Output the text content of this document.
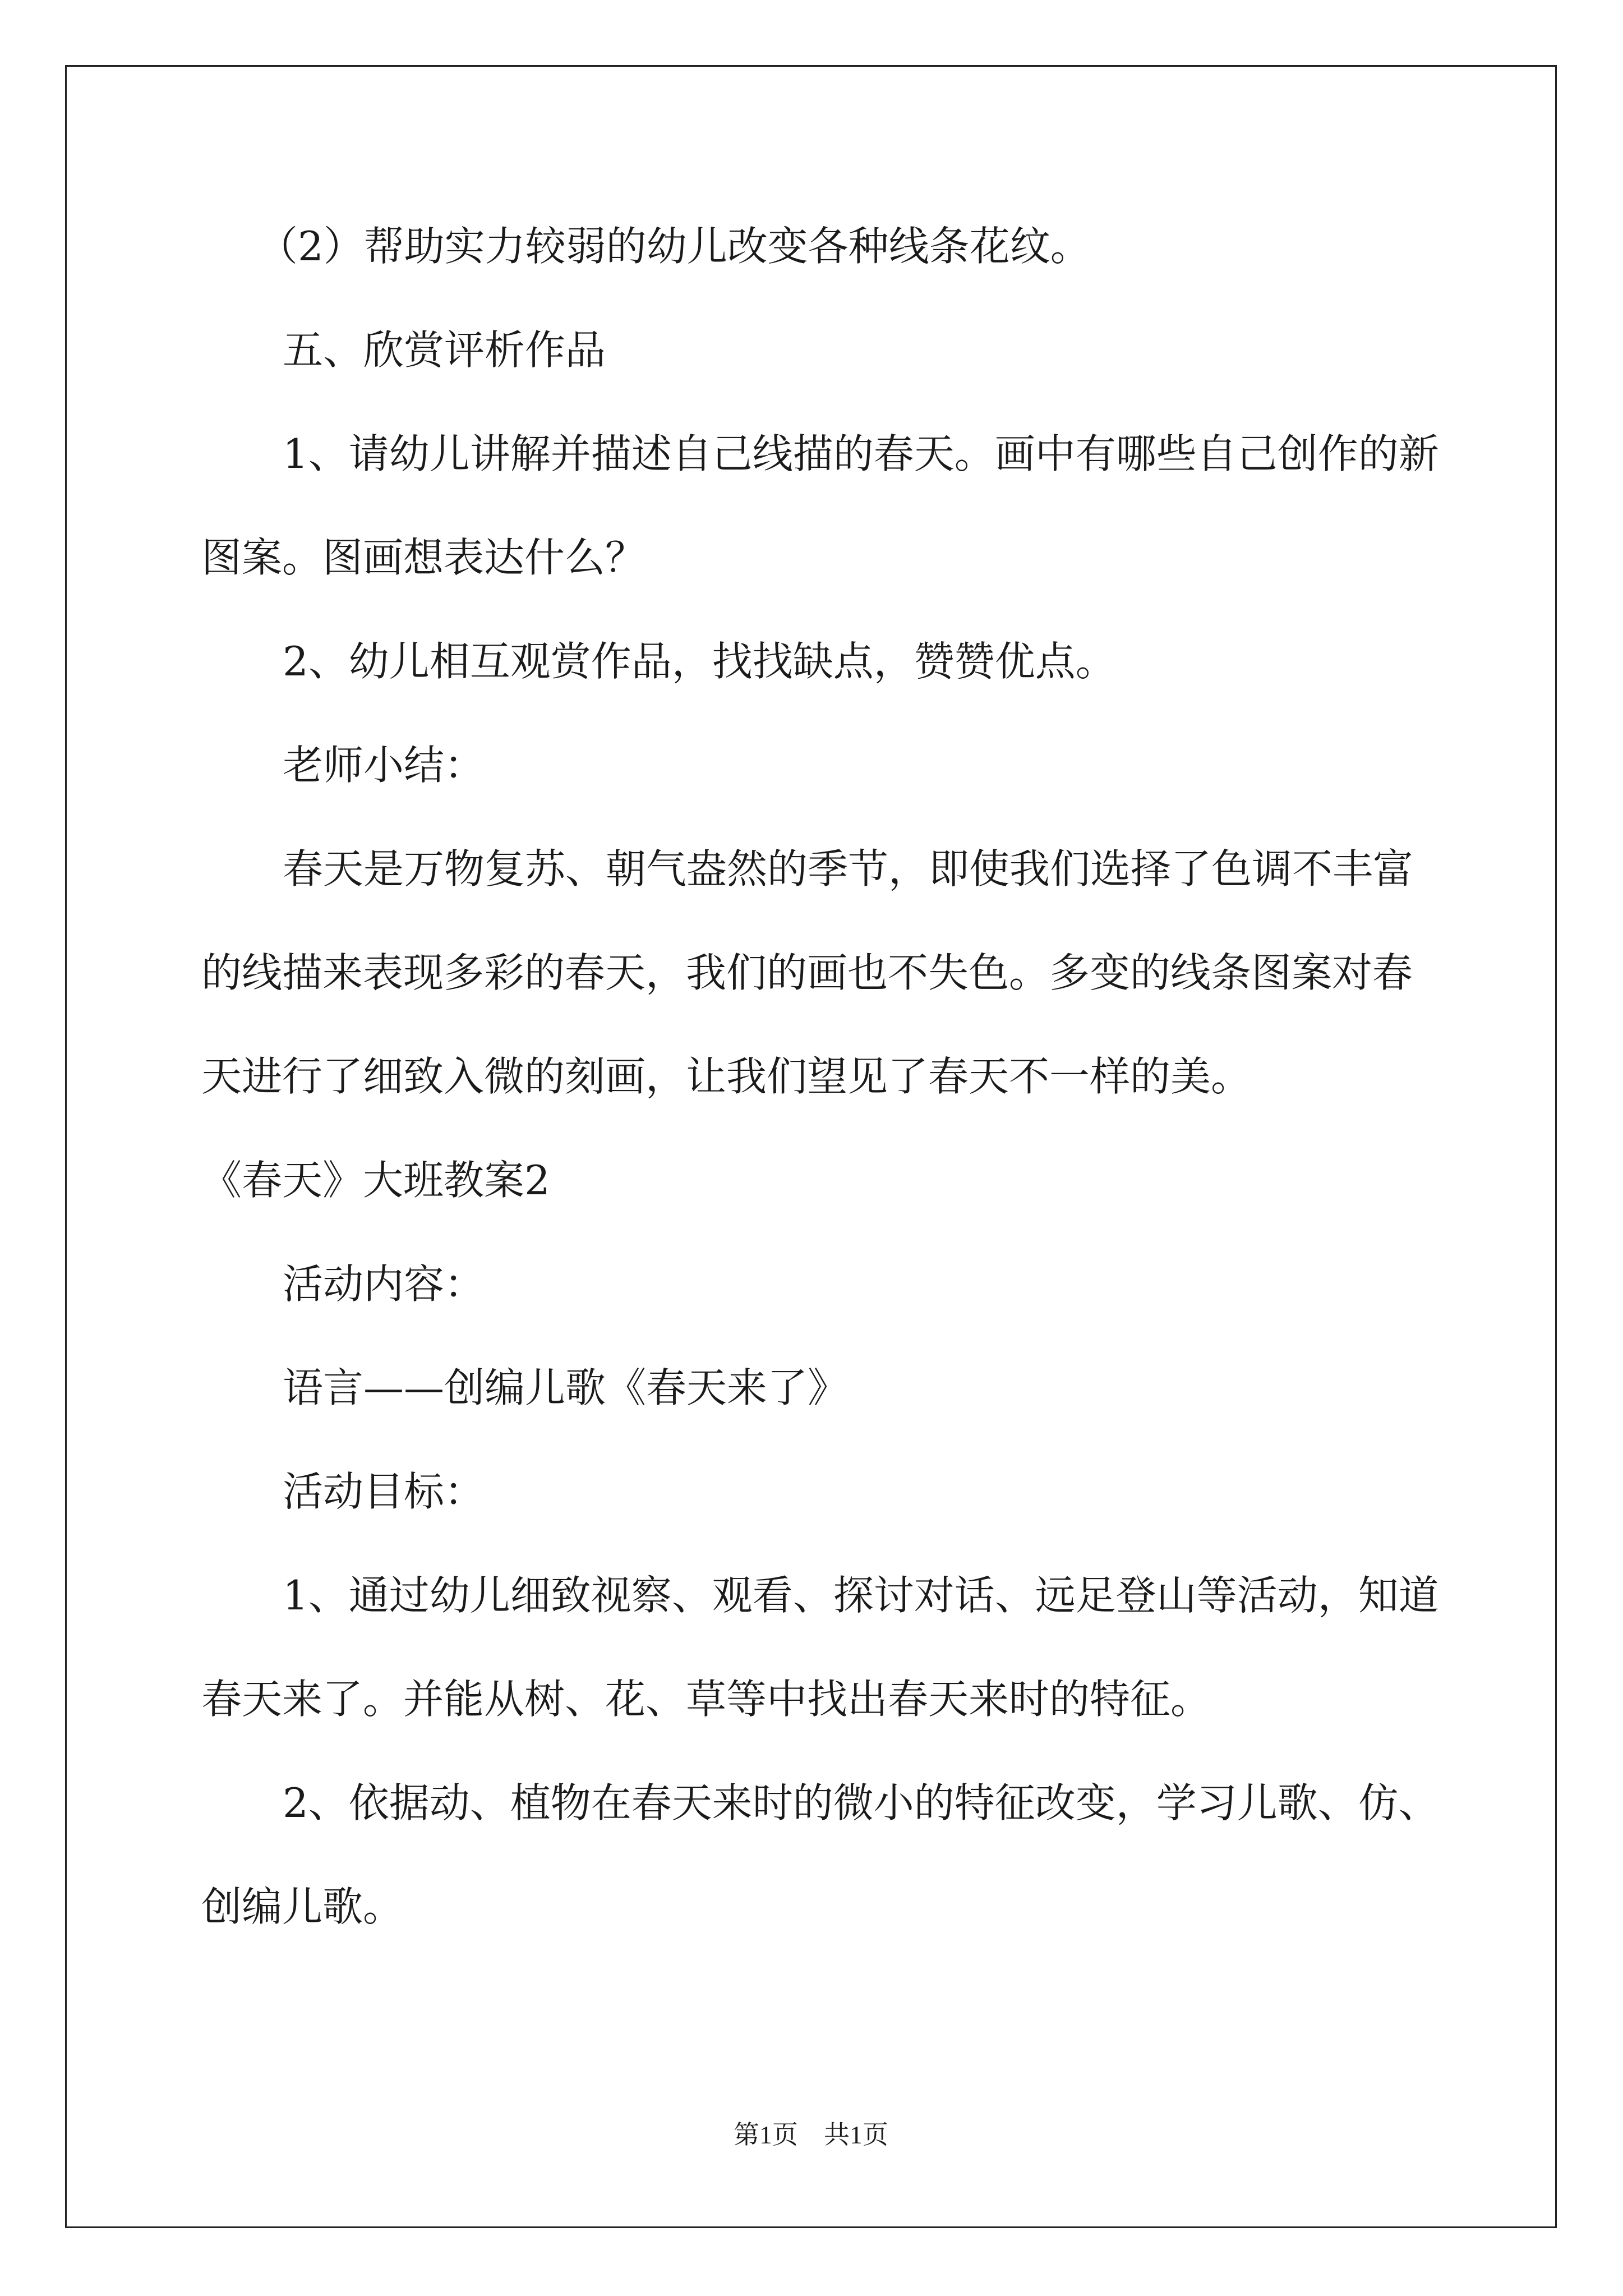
（2）帮助实力较弱的幼儿改变各种线条花纹。
五、欣赏评析作品
1、请幼儿讲解并描述自己线描的春天。画中有哪些自己创作的新
图案。图画想表达什么？
2、幼儿相互观赏作品，找找缺点，赞赞优点。
老师小结：
春天是万物复苏、朝气盎然的季节，即使我们选择了色调不丰富
的线描来表现多彩的春天，我们的画也不失色。多变的线条图案对春
天进行了细致入微的刻画，让我们望见了春天不一样的美。
《春天》大班教案2
活动内容：
语言——创编儿歌《春天来了》
活动目标：
1、通过幼儿细致视察、观看、探讨对话、远足登山等活动，知道
春天来了。并能从树、花、草等中找出春天来时的特征。
2、依据动、植物在春天来时的微小的特征改变，学习儿歌、仿、
创编儿歌。
第1页　共1页
